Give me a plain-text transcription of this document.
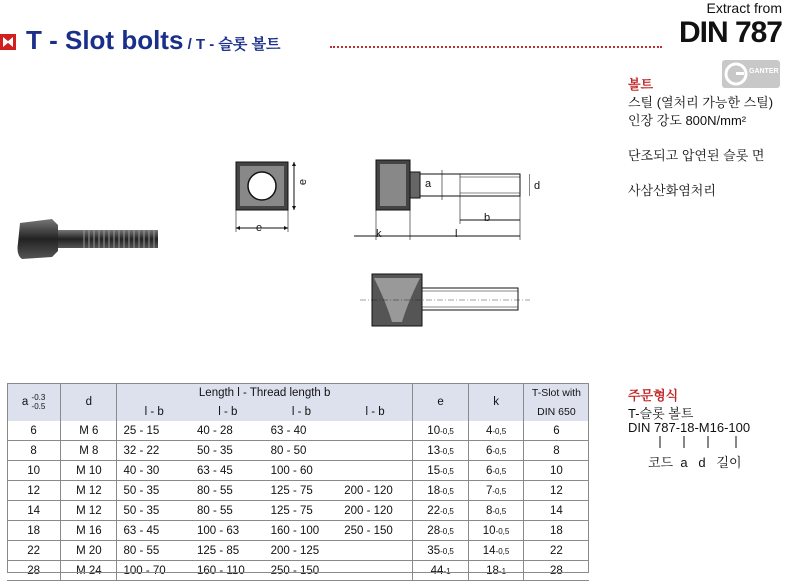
Extract from
DIN 787
T - Slot bolts / T - 슬롯 볼트
GANTER
볼트
스틸 (열처리 가능한 스틸)
인장 강도 800N/mm²
단조되고 압연된 슬롯 면
사삼산화염처리
e
e
k	l
b
a	d
a -0.3
-0.5	d	Length l - Thread length b				e	k	T-Slot with
		l - b	l - b	l - b	l - b			DIN 650
6	M 6	25 - 15	40 - 28	63 - 40		10-0,5	4-0,5	6
8	M 8	32 - 22	50 - 35	80 - 50		13-0,5	6-0,5	8
10	M 10	40 - 30	63 - 45	100 - 60		15-0,5	6-0,5	10
12	M 12	50 - 35	80 - 55	125 - 75	200 - 120	18-0,5	7-0,5	12
14	M 12	50 - 35	80 - 55	125 - 75	200 - 120	22-0,5	8-0,5	14
18	M 16	63 - 45	100 - 63	160 - 100	250 - 150	28-0,5	10-0,5	18
22	M 20	80 - 55	125 - 85	200 - 125		35-0,5	14-0,5	22
28	M 24	100 - 70	160 - 110	250 - 150		44-1	18-1	28
주문형식
T-슬롯 볼트
DIN 787-18-M16-100
코드  a   d   길이
